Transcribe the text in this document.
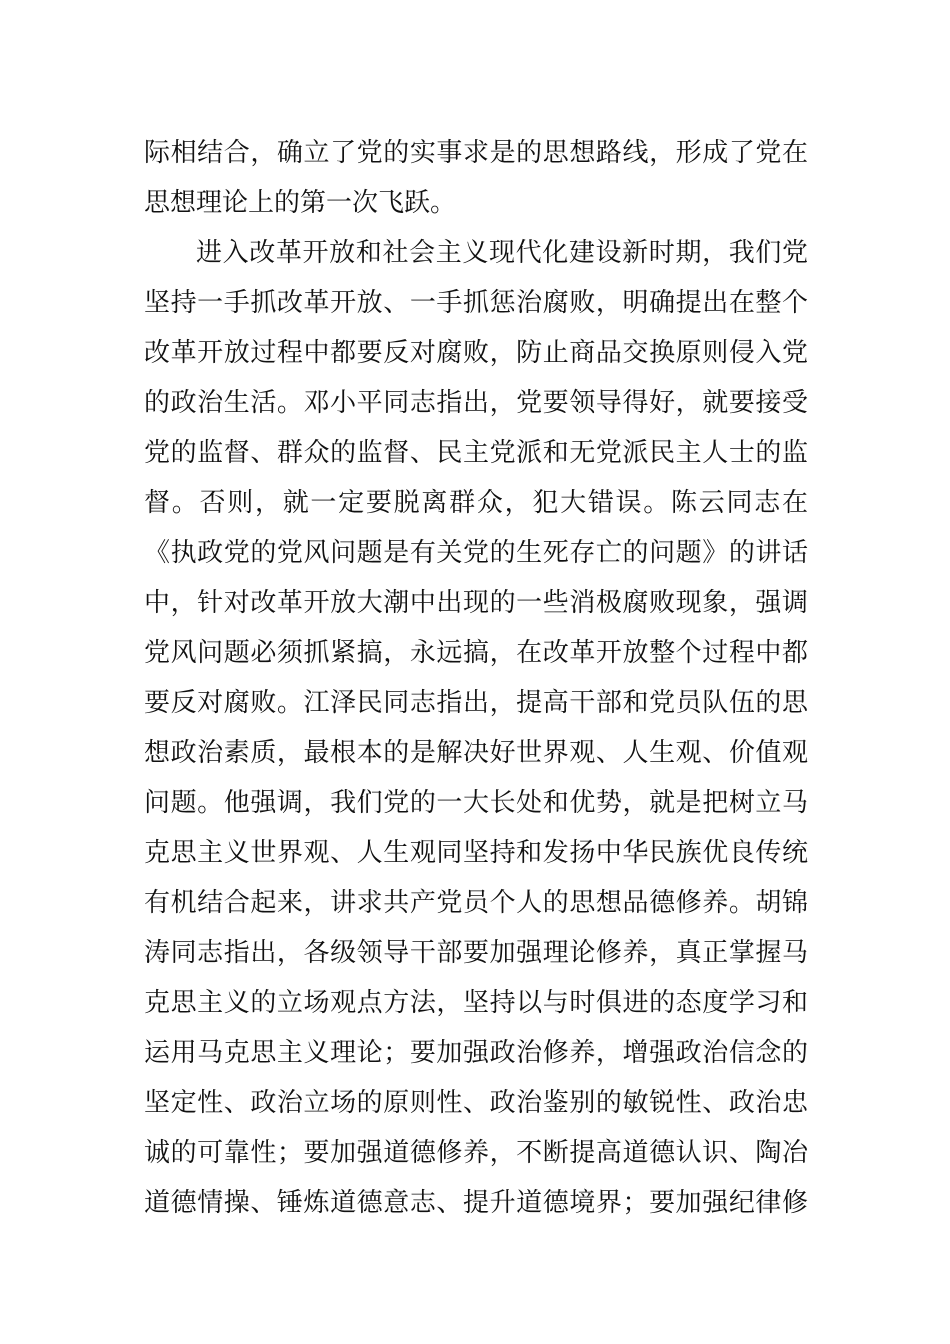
际相结合，确立了党的实事求是的思想路线，形成了党在
思想理论上的第一次飞跃。
进入改革开放和社会主义现代化建设新时期，我们党
坚持一手抓改革开放、一手抓惩治腐败，明确提出在整个
改革开放过程中都要反对腐败，防止商品交换原则侵入党
的政治生活。邓小平同志指出，党要领导得好，就要接受
党的监督、群众的监督、民主党派和无党派民主人士的监
督。否则，就一定要脱离群众，犯大错误。陈云同志在
《执政党的党风问题是有关党的生死存亡的问题》的讲话
中，针对改革开放大潮中出现的一些消极腐败现象，强调
党风问题必须抓紧搞，永远搞，在改革开放整个过程中都
要反对腐败。江泽民同志指出，提高干部和党员队伍的思
想政治素质，最根本的是解决好世界观、人生观、价值观
问题。他强调，我们党的一大长处和优势，就是把树立马
克思主义世界观、人生观同坚持和发扬中华民族优良传统
有机结合起来，讲求共产党员个人的思想品德修养。胡锦
涛同志指出，各级领导干部要加强理论修养，真正掌握马
克思主义的立场观点方法，坚持以与时俱进的态度学习和
运用马克思主义理论；要加强政治修养，增强政治信念的
坚定性、政治立场的原则性、政治鉴别的敏锐性、政治忠
诚的可靠性；要加强道德修养，不断提高道德认识、陶冶
道德情操、锤炼道德意志、提升道德境界；要加强纪律修
